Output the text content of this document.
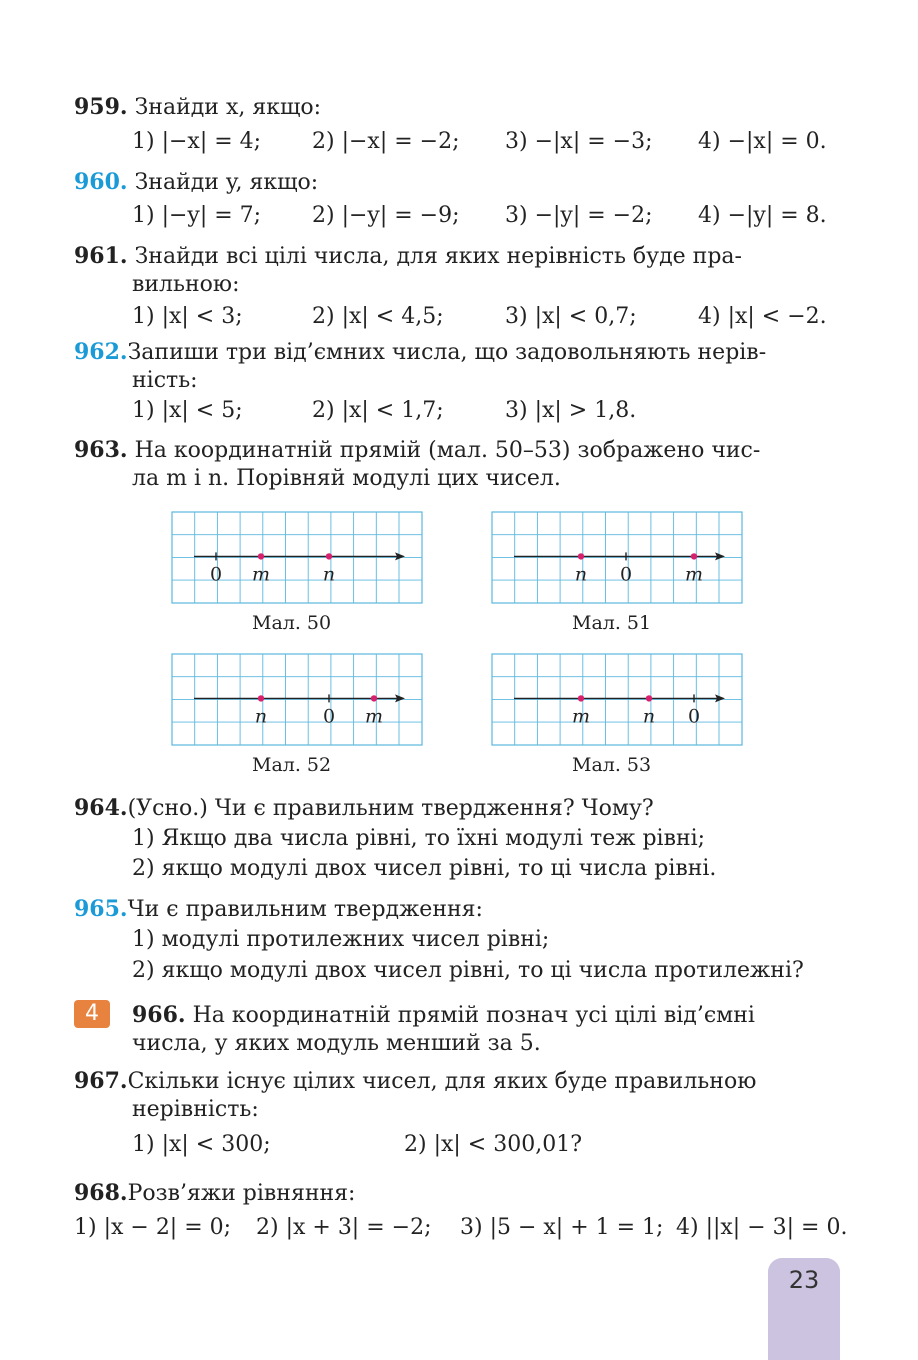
959. Знайди x, якщо:
1) |−x| = 4; 2) |−x| = −2; 3) −|x| = −3; 4) −|x| = 0.
960. Знайди y, якщо:
1) |−y| = 7; 2) |−y| = −9; 3) −|y| = −2; 4) −|y| = 8.
961. Знайди всі цілі числа, для яких нерівність буде пра-
вильною:
1) |x| < 3;	2) |x| < 4,5;	3) |x| < 0,7;	4) |x| < −2.
962.Запиши три від’ємних числа, що задовольняють нерів-
ність:
1) |x| < 5;	2) |x| < 1,7;	3) |x| > 1,8.
963. На координатній прямій (мал. 50–53) зображено чис-
ла m і n. Порівняй модулі цих чисел.
0 m	n	n 0	m
n	0 m	m	n 0
Мал. 50	Мал. 51
Мал. 52	Мал. 53
964.(Усно.) Чи є правильним твердження? Чому?
1) Якщо два числа рівні, то їхні модулі теж рівні;
2) якщо модулі двох чисел рівні, то ці числа рівні.
965.Чи є правильним твердження:
1) модулі протилежних чисел рівні;
2) якщо модулі двох чисел рівні, то ці числа протилежні?
4	966. На координатній прямій познач усі цілі від’ємні
числа, у яких модуль менший за 5.
967.Скільки існує цілих чисел, для яких буде правильною
нерівність:
1) |x| < 300;	2) |x| < 300,01?
968.Розв’яжи рівняння:
1) |x − 2| = 0; 2) |x + 3| = −2; 3) |5 − x| + 1 = 1; 4) ||x| − 3| = 0.
23
